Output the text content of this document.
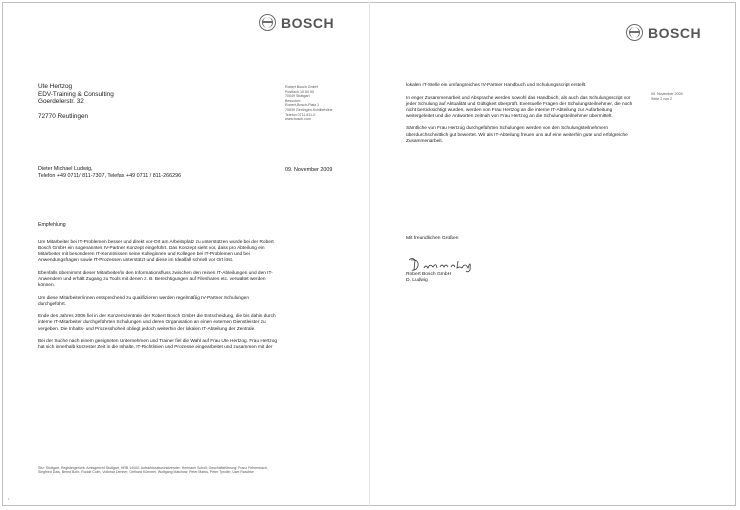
BOSCH
Ute Hertzog
EDV-Training & Consulting
Goerdelerstr. 32
72770 Reutlingen
Robert Bosch GmbH
Postfach 10 60 50
70049 Stuttgart
Besucher:
Robert-Bosch-Platz 1
70839 Gerlingen-Schillerhöhe
Telefon 0711 811-0
www.bosch.com
Dieter Michael Ludwig,
Telefon +49 0711/ 811-7307, Telefax +49 0711 / 811-266296
09. November 2009
Empfehlung

Um Mitarbeiter bei IT-Problemen besser und direkt vor-Ort am Arbeitsplatz zu unterstützen wurde bei der Robert Bosch GmbH ein sogenanntes IV-Partner Konzept eingeführt. Das Konzept sieht vor, dass pro Abteilung ein Mitarbeiter mit besonderen IT-Kenntnissen seine Kolleginnen und Kollegen bei IT-Problemen und bei Anwendungsfragen sowie IT-Prozessen unterstützt und diese im Idealfall schnell vor Ort löst.

Ebenfalls übernimmt dieser Mitarbeiter/in den Informationsfluss zwischen den reinen IT-Abteilungen und den IT-Anwendern und erhält Zugang zu Tools mit denen z. B. Berechtigungen auf Fileshares etc. verwaltet werden können.

Um diese Mitarbeiter/innen entsprechend zu qualifizieren werden regelmäßig IV-Partner Schulungen durchgeführt.

Ende des Jahres 2006 fiel in der Konzernzentrale der Robert Bosch GmbH die Entscheidung, die bis dahin durch interne IT-Mitarbeiter durchgeführten Schulungen und deren Organisation an einen externen Dienstleister zu vergeben. Die Inhalts- und Prozesshoheit obliegt jedoch weiterhin der lokalen IT-Abteilung der Zentrale.

Bei der Suche nach einem geeigneten Unternehmen und Trainer fiel die Wahl auf Frau Ute Hertzog. Frau Hertzog hat sich innerhalb kürzester Zeit in die Inhalte, IT-Richtlinien und Prozesse eingearbeitet und zusammen mit der

Sitz: Stuttgart, Registergericht: Amtsgericht Stuttgart, HRB 14000; Aufsichtsratsvorsitzender: Hermann Scholl; Geschäftsführung: Franz Fehrenbach, Siegfried Dais, Bernd Bohr, Rudolf Colm, Volkmar Denner, Gerhard Kümmel, Wolfgang Malchow, Peter Marks, Peter Tyroller, Uwe Raschke
1
BOSCH
09. November 2009
Seite 2 von 2

lokalen IT-Stelle ein umfangreiches IV-Partner Handbuch und Schulungsscript erstellt.

In enger Zusammenarbeit und Absprache werden sowohl das Handbuch, als auch das Schulungsscript vor jeder Schulung auf Aktualität und Gültigkeit überprüft. Eventuelle Fragen der Schulungsteilnehmer, die noch nicht berücksichtigt wurden, werden von Frau Hertzog an die interne IT-Abteilung zur Aufarbeitung weitergeleitet und die Antworten zeitnah von Frau Hertzog an die Schulungsteilnehmer übermittelt.

Sämtliche von Frau Hertzog durchgeführten Schulungen werden von den Schulungsteilnehmern überdurchschnittlich gut bewertet. Wir als IT-Abteilung freuen uns auf eine weiterhin gute und erfolgreiche Zusammenarbeit.

Mit freundlichen Grüßen
Robert Bosch GmbH
D. Ludwig
